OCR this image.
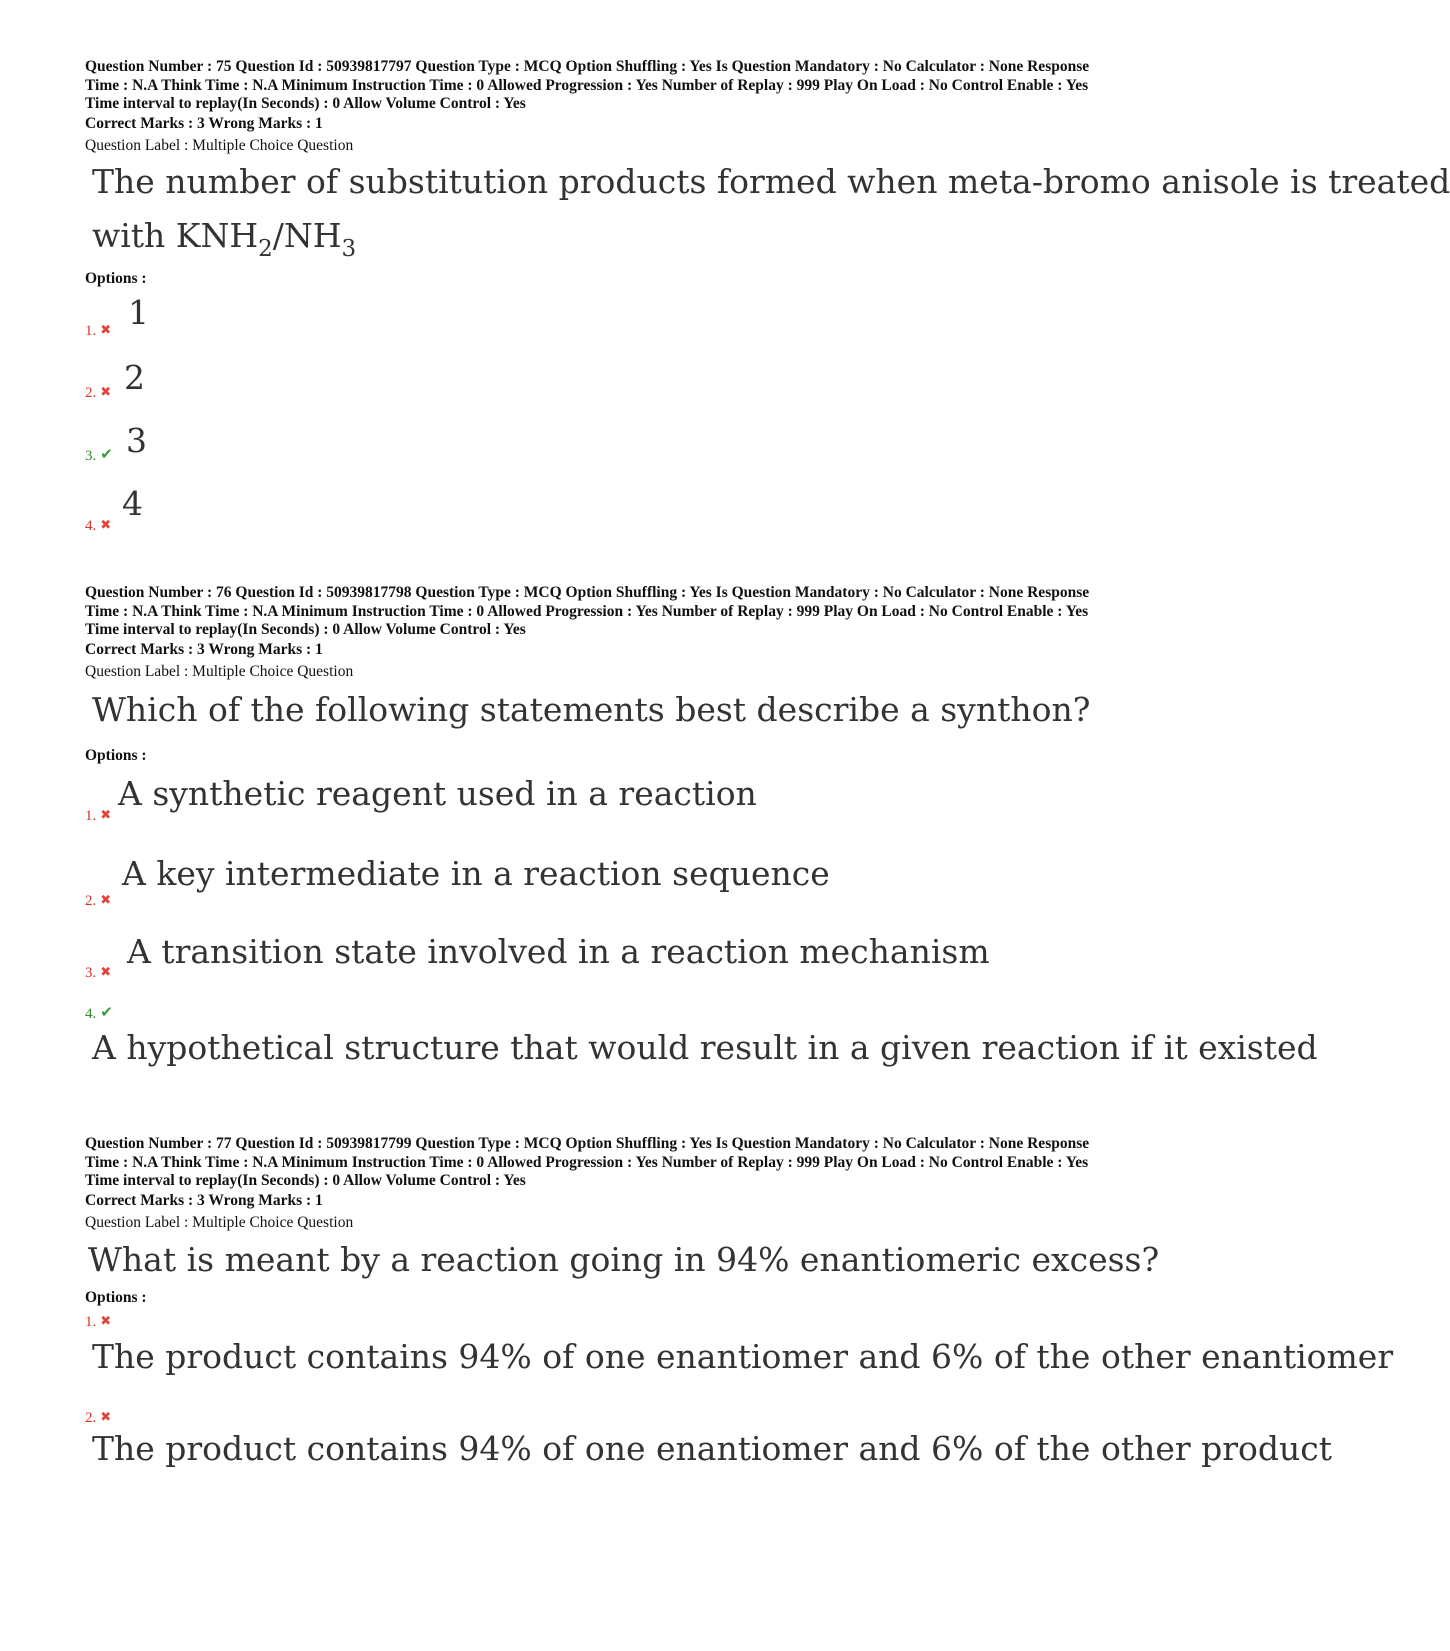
Question Number : 75 Question Id : 50939817797 Question Type : MCQ Option Shuffling : Yes Is Question Mandatory : No Calculator : None Response
Time : N.A Think Time : N.A Minimum Instruction Time : 0 Allowed Progression : Yes Number of Replay : 999 Play On Load : No Control Enable : Yes
Time interval to replay(In Seconds) : 0 Allow Volume Control : Yes
Correct Marks : 3 Wrong Marks : 1
Question Label : Multiple Choice Question
The number of substitution products formed when meta-bromo anisole is treated
with $KNH_2/NH_3$
Options :
1. ✖ 1
2. ✖ 2
3. ✔ 3
4. ✖
4
Question Number : 76 Question Id : 50939817798 Question Type : MCQ Option Shuffling : Yes Is Question Mandatory : No Calculator : None Response
Time : N.A Think Time : N.A Minimum Instruction Time : 0 Allowed Progression : Yes Number of Replay : 999 Play On Load : No Control Enable : Yes
Time interval to replay(In Seconds) : 0 Allow Volume Control : Yes
Correct Marks : 3 Wrong Marks : 1
Question Label : Multiple Choice Question
Which of the following statements best describe a synthon?
Options :
1. ✖
A synthetic reagent used in a reaction
2. ✖
A key intermediate in a reaction sequence
3. ✖
A transition state involved in a reaction mechanism
4. ✔
A hypothetical structure that would result in a given reaction if it existed
Question Number : 77 Question Id : 50939817799 Question Type : MCQ Option Shuffling : Yes Is Question Mandatory : No Calculator : None Response
Time : N.A Think Time : N.A Minimum Instruction Time : 0 Allowed Progression : Yes Number of Replay : 999 Play On Load : No Control Enable : Yes
Time interval to replay(In Seconds) : 0 Allow Volume Control : Yes
Correct Marks : 3 Wrong Marks : 1
Question Label : Multiple Choice Question
What is meant by a reaction going in 94% enantiomeric excess?
Options :
1. ✖
The product contains 94% of one enantiomer and 6% of the other enantiomer
2. ✖
The product contains 94% of one enantiomer and 6% of the other product
